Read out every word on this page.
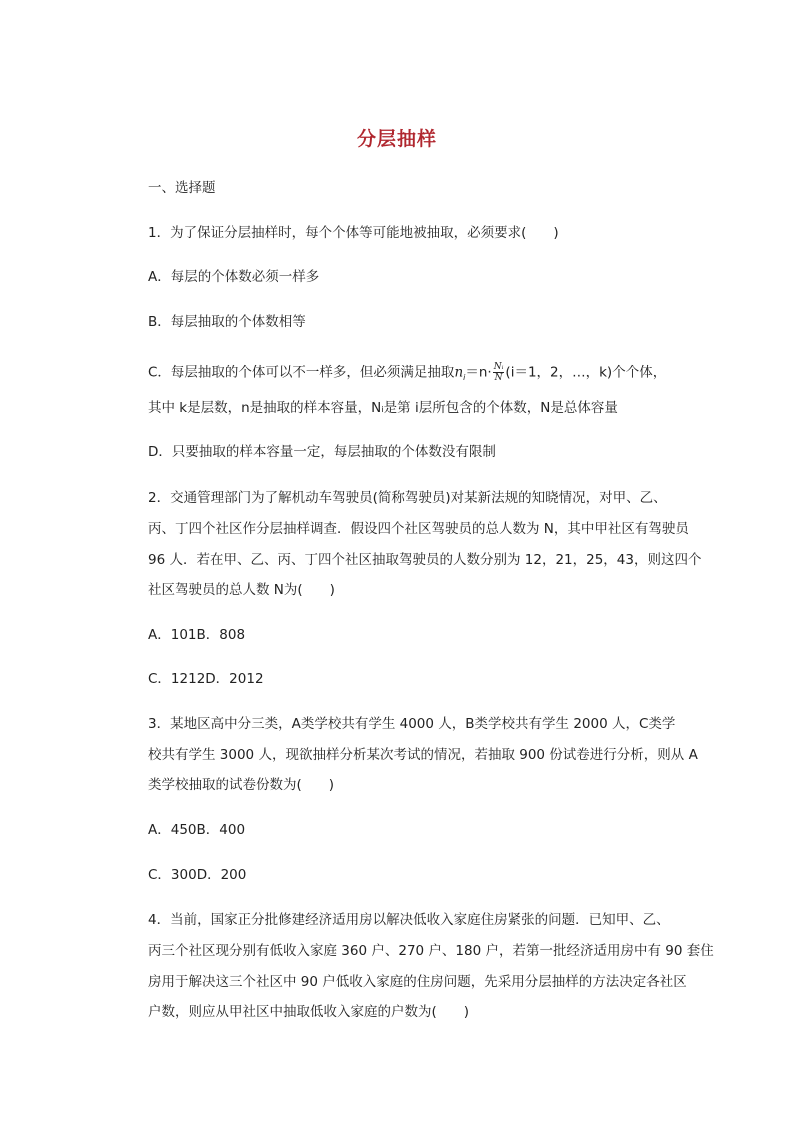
分层抽样
一、选择题
1．为了保证分层抽样时，每个个体等可能地被抽取，必须要求(　　)
A．每层的个体数必须一样多
B．每层抽取的个体数相等
C．每层抽取的个体可以不一样多，但必须满足抽取$n_i=n\cdot \frac{\text{Nᵢ}}{N} (i=1$，2，…，k)个个体，
其中 k是层数，n是抽取的样本容量，Nᵢ是第 i层所包含的个体数，N是总体容量
D．只要抽取的样本容量一定，每层抽取的个体数没有限制
2．交通管理部门为了解机动车驾驶员(简称驾驶员)对某新法规的知晓情况，对甲、乙、
丙、丁四个社区作分层抽样调查．假设四个社区驾驶员的总人数为 N，其中甲社区有驾驶员
96 人．若在甲、乙、丙、丁四个社区抽取驾驶员的人数分别为 12，21，25，43，则这四个
社区驾驶员的总人数 N为(　　)
A．101B．808
C．1212D．2012
3．某地区高中分三类，A类学校共有学生 4000 人，B类学校共有学生 2000 人，C类学
校共有学生 3000 人，现欲抽样分析某次考试的情况，若抽取 900 份试卷进行分析，则从 A
类学校抽取的试卷份数为(　　)
A．450B．400
C．300D．200
4．当前，国家正分批修建经济适用房以解决低收入家庭住房紧张的问题．已知甲、乙、
丙三个社区现分别有低收入家庭 360 户、270 户、180 户，若第一批经济适用房中有 90 套住
房用于解决这三个社区中 90 户低收入家庭的住房问题，先采用分层抽样的方法决定各社区
户数，则应从甲社区中抽取低收入家庭的户数为(　　)
